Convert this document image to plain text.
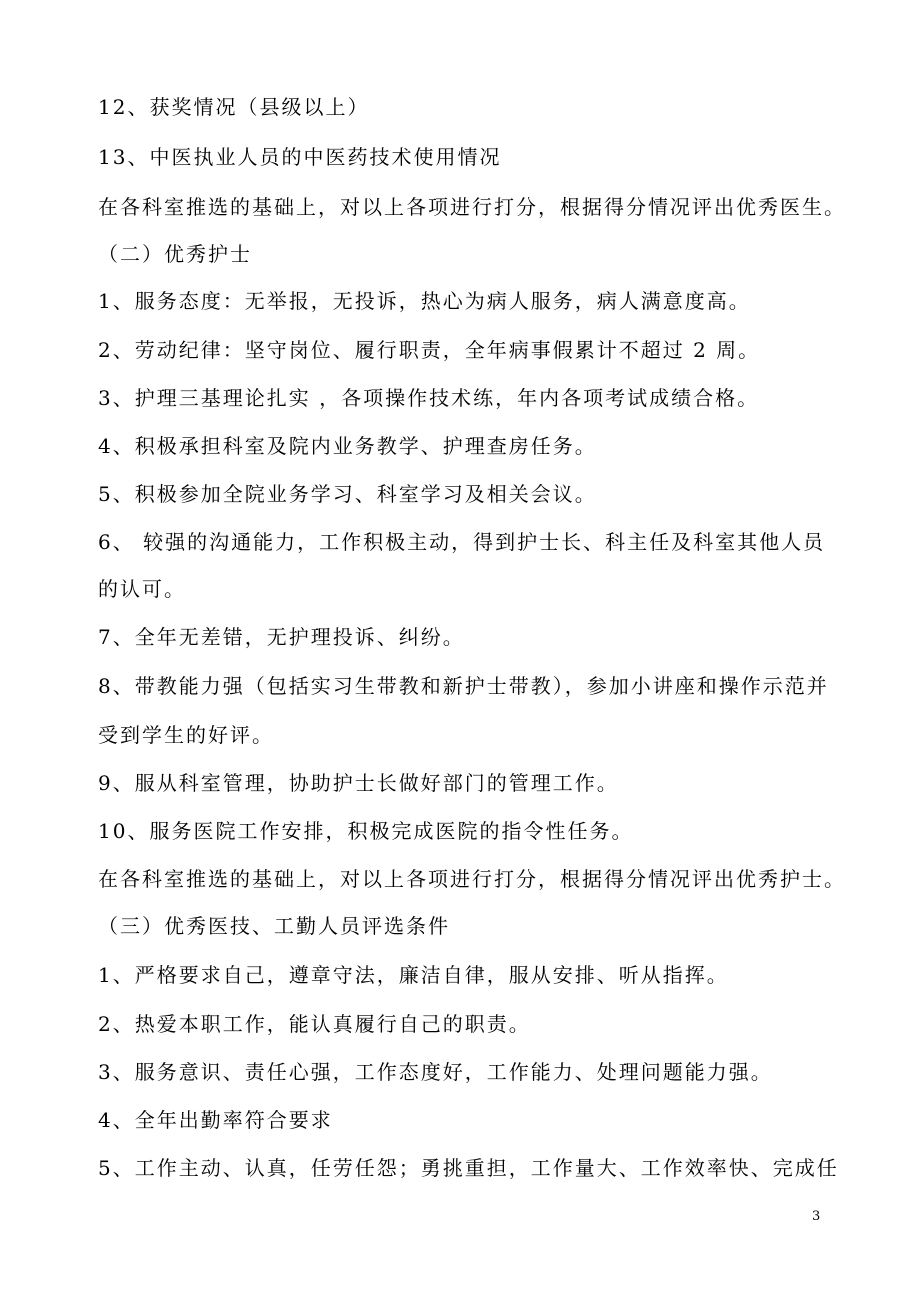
12、获奖情况（县级以上）
13、中医执业人员的中医药技术使用情况
在各科室推选的基础上，对以上各项进行打分，根据得分情况评出优秀医生。
（二）优秀护士
1、服务态度：无举报，无投诉，热心为病人服务，病人满意度高。
2、劳动纪律：坚守岗位、履行职责，全年病事假累计不超过 2 周。
3、护理三基理论扎实 ，各项操作技术练，年内各项考试成绩合格。
4、积极承担科室及院内业务教学、护理查房任务。
5、积极参加全院业务学习、科室学习及相关会议。
6、 较强的沟通能力，工作积极主动，得到护士长、科主任及科室其他人员
的认可。
7、全年无差错，无护理投诉、纠纷。
8、带教能力强（包括实习生带教和新护士带教），参加小讲座和操作示范并
受到学生的好评。
9、服从科室管理，协助护士长做好部门的管理工作。
10、服务医院工作安排，积极完成医院的指令性任务。
在各科室推选的基础上，对以上各项进行打分，根据得分情况评出优秀护士。
（三）优秀医技、工勤人员评选条件
1、严格要求自己，遵章守法，廉洁自律，服从安排、听从指挥。
2、热爱本职工作，能认真履行自己的职责。
3、服务意识、责任心强，工作态度好，工作能力、处理问题能力强。
4、全年出勤率符合要求
5、工作主动、认真，任劳任怨；勇挑重担，工作量大、工作效率快、完成任
3
